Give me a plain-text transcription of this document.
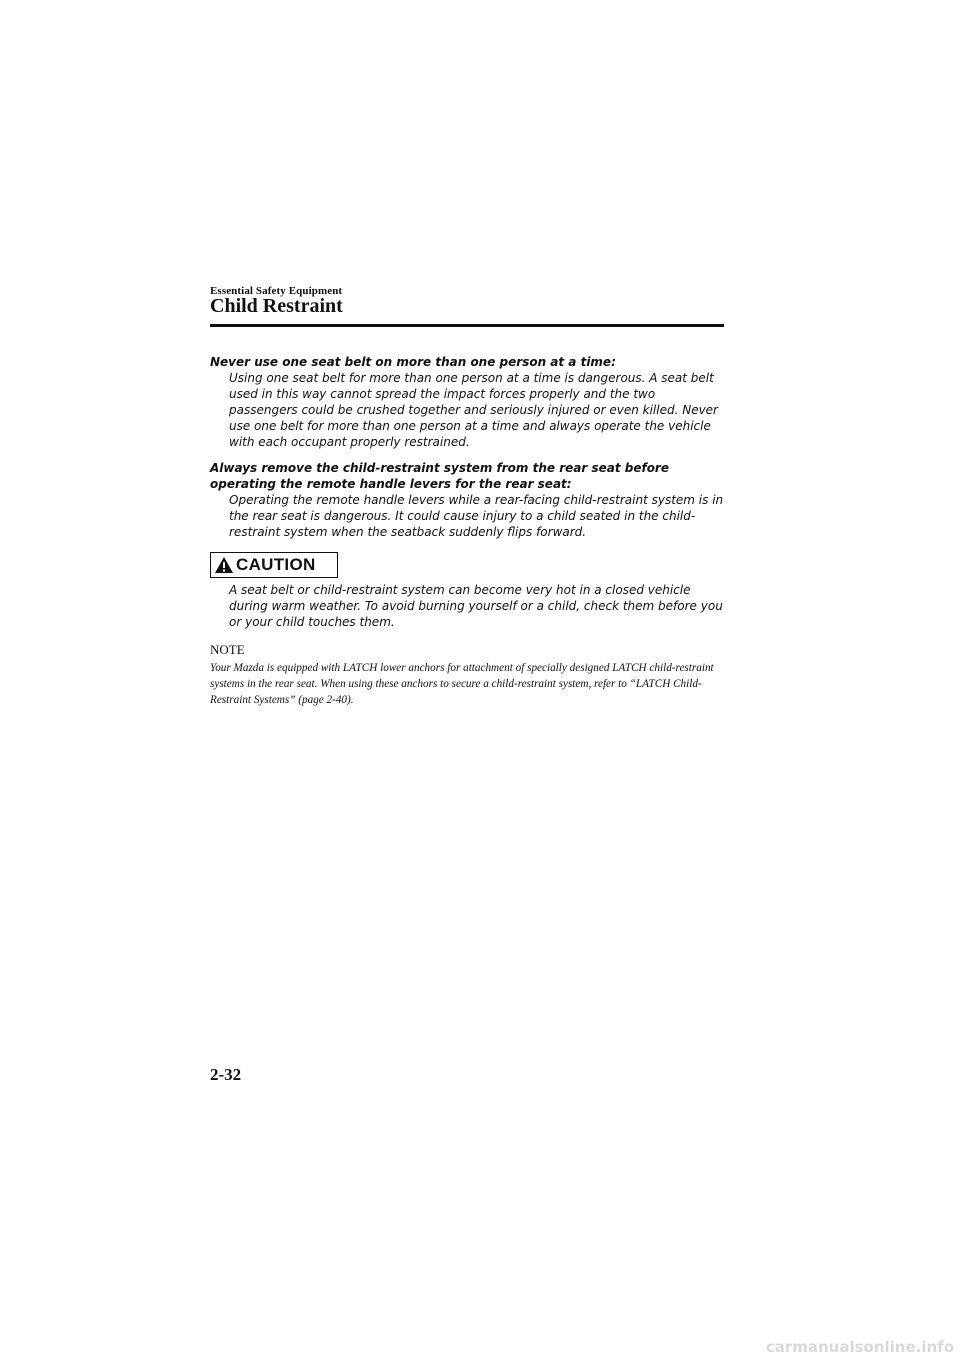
Essential Safety Equipment
Child Restraint

Never use one seat belt on more than one person at a time:

Using one seat belt for more than one person at a time is dangerous. A seat belt used in this way cannot spread the impact forces properly and the two passengers could be crushed together and seriously injured or even killed. Never use one belt for more than one person at a time and always operate the vehicle with each occupant properly restrained.

Always remove the child-restraint system from the rear seat before operating the remote handle levers for the rear seat:

Operating the remote handle levers while a rear-facing child-restraint system is in the rear seat is dangerous. It could cause injury to a child seated in the child-restraint system when the seatback suddenly flips forward.

CAUTION

A seat belt or child-restraint system can become very hot in a closed vehicle during warm weather. To avoid burning yourself or a child, check them before you or your child touches them.

NOTE

Your Mazda is equipped with LATCH lower anchors for attachment of specially designed LATCH child-restraint systems in the rear seat. When using these anchors to secure a child-restraint system, refer to “LATCH Child-Restraint Systems” (page 2-40).

2-32
carmanualsonline.info
